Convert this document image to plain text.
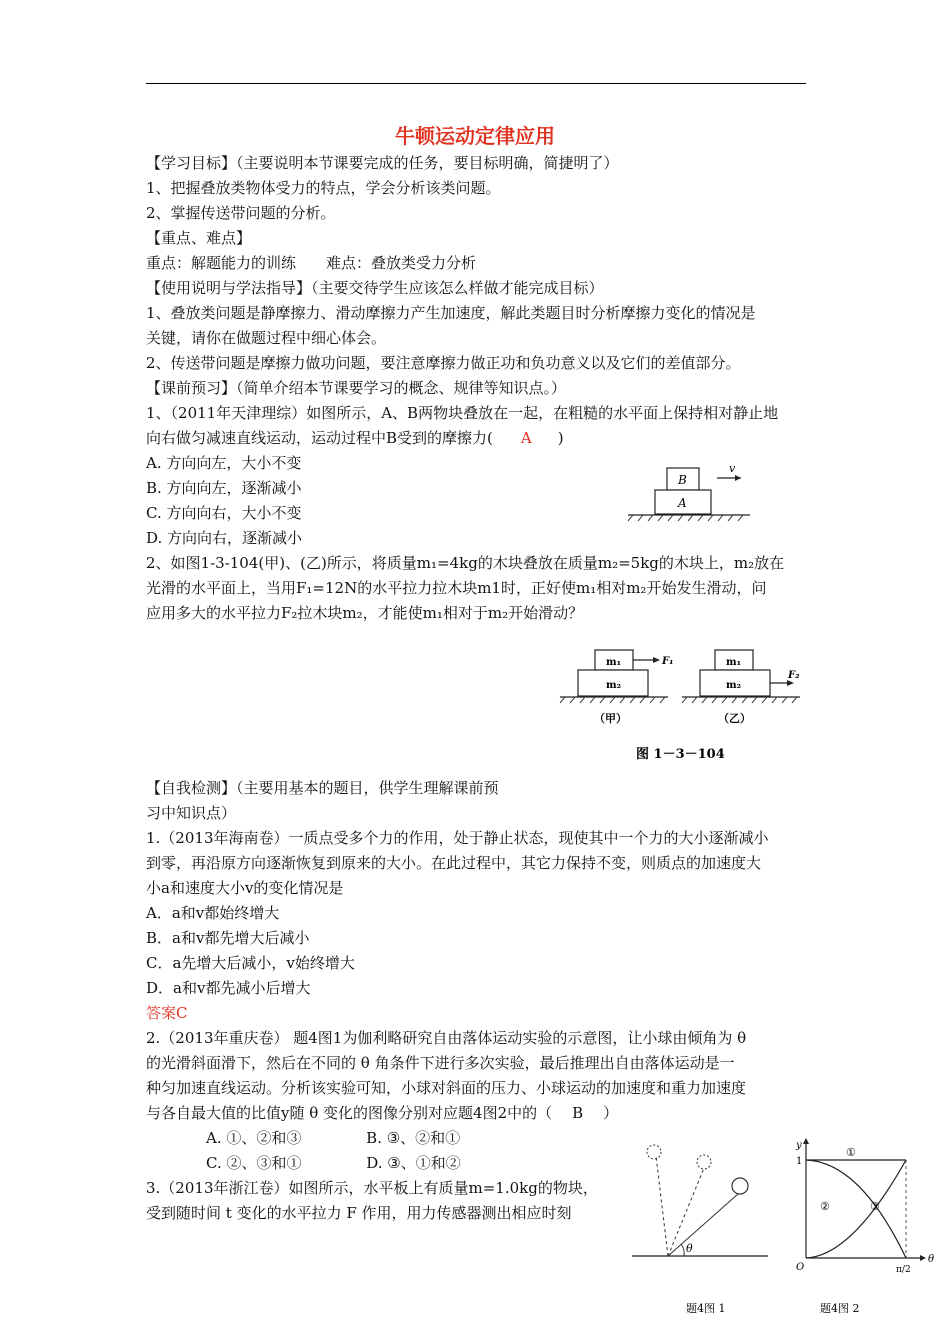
牛顿运动定律应用
【学习目标】（主要说明本节课要完成的任务，要目标明确，简捷明了）
1、把握叠放类物体受力的特点，学会分析该类问题。
2、掌握传送带问题的分析。
【重点、难点】
重点：解题能力的训练　　难点：叠放类受力分析
【使用说明与学法指导】（主要交待学生应该怎么样做才能完成目标）
1、叠放类问题是静摩擦力、滑动摩擦力产生加速度，解此类题目时分析摩擦力变化的情况是
关键，请你在做题过程中细心体会。
2、传送带问题是摩擦力做功问题，要注意摩擦力做正功和负功意义以及它们的差值部分。
【课前预习】（简单介绍本节课要学习的概念、规律等知识点。）
1、（2011年天津理综）如图所示，A、B两物块叠放在一起，在粗糙的水平面上保持相对静止地
向右做匀减速直线运动，运动过程中B受到的摩擦力( A )
A. 方向向左，大小不变
B. 方向向左，逐渐减小
C. 方向向右，大小不变
D. 方向向右，逐渐减小
2、如图1-3-104(甲)、(乙)所示，将质量m₁=4kg的木块叠放在质量m₂=5kg的木块上，m₂放在
光滑的水平面上，当用F₁=12N的水平拉力拉木块m1时，正好使m₁相对m₂开始发生滑动，问
应用多大的水平拉力F₂拉木块m₂，才能使m₁相对于m₂开始滑动？
【自我检测】（主要用基本的题目，供学生理解课前预
习中知识点）
1.（2013年海南卷）一质点受多个力的作用，处于静止状态，现使其中一个力的大小逐渐减小
到零，再沿原方向逐渐恢复到原来的大小。在此过程中，其它力保持不变，则质点的加速度大
小a和速度大小v的变化情况是
A．a和v都始终增大
B．a和v都先增大后减小
C．a先增大后减小，v始终增大
D．a和v都先减小后增大
答案C
2.（2013年重庆卷） 题4图1为伽利略研究自由落体运动实验的示意图，让小球由倾角为 θ
的光滑斜面滑下，然后在不同的 θ 角条件下进行多次实验，最后推理出自由落体运动是一
种匀加速直线运动。分析该实验可知，小球对斜面的压力、小球运动的加速度和重力加速度
与各自最大值的比值y随 θ 变化的图像分别对应题4图2中的（ B ）
　　　　A. ①、②和③　　　　 B. ③、②和①
　　　　C. ②、③和①　　　　 D. ③、①和②
3.（2013年浙江卷）如图所示，水平板上有质量m=1.0kg的物块，
受到随时间 t 变化的水平拉力 F 作用，用力传感器测出相应时刻
B
A
v
m₁
m₂
F₁
（甲）
m₁
m₂
F₂
（乙）
图 1－3－104
θ
题4图 1
y
1
O
θ
π/2
①
②	③
题4图 2
